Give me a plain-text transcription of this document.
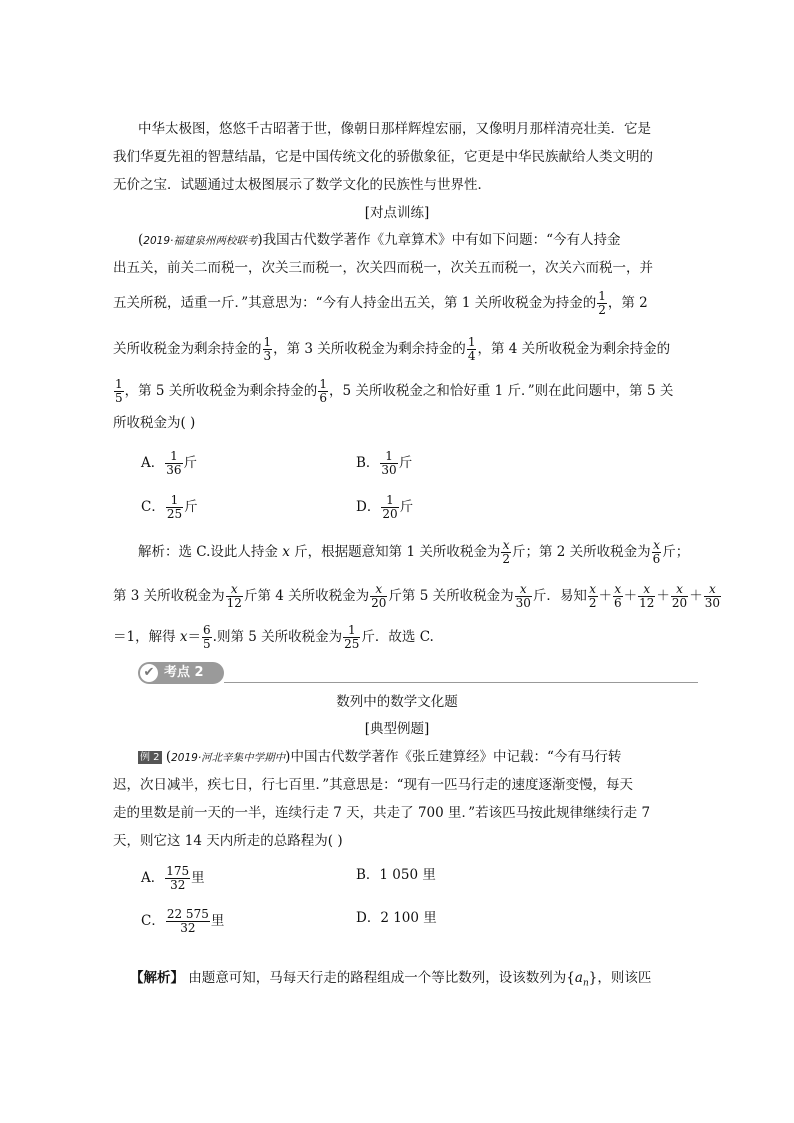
中华太极图，悠悠千古昭著于世，像朝日那样辉煌宏丽，又像明月那样清亮壮美．它是
我们华夏先祖的智慧结晶，它是中国传统文化的骄傲象征，它更是中华民族献给人类文明的
无价之宝．试题通过太极图展示了数学文化的民族性与世界性．
[对点训练]
(2019·福建泉州两校联考)我国古代数学著作《九章算术》中有如下问题：“今有人持金
出五关，前关二而税一，次关三而税一，次关四而税一，次关五而税一，次关六而税一，并
五关所税，适重一斤．”其意思为：“今有人持金出五关，第 1 关所收税金为持金的 $\frac{1}{2}$ ，第 2
关所收税金为剩余持金的 $\frac{1}{3}$ ，第 3 关所收税金为剩余持金的 $\frac{1}{4}$ ，第 4 关所收税金为剩余持金的
$\frac{1}{5}$ ，第 5 关所收税金为剩余持金的 $\frac{1}{6}$ ，5 关所收税金之和恰好重 1 斤．”则在此问题中，第 5 关
所收税金为( )
A． $\frac{1}{36}$ 斤	B． $\frac{1}{30}$ 斤
C． $\frac{1}{25}$ 斤	D． $\frac{1}{20}$ 斤
解析：选 C.设此人持金 x 斤，根据题意知第 1 关所收税金为 $\frac{x}{2}$ 斤；第 2 关所收税金为 $\frac{x}{6}$ 斤；
第 3 关所收税金为 $\frac{x}{12}$ 斤第 4 关所收税金为 $\frac{x}{20}$ 斤第 5 关所收税金为 $\frac{x}{30}$ 斤．易知 $\frac{x}{2} + \frac{x}{6} + \frac{x}{12} + \frac{x}{20} + \frac{x}{30}$
＝1，解得 $x= \frac{6}{5}$ .则第 5 关所收税金为 $\frac{1}{25}$ 斤．故选 C.
✔ 考点 2
数列中的数学文化题
[典型例题]
例 2 (2019·河北辛集中学期中)中国古代数学著作《张丘建算经》中记载：“今有马行转
迟，次日减半，疾七日，行七百里．”其意思是：“现有一匹马行走的速度逐渐变慢，每天
走的里数是前一天的一半，连续行走 7 天，共走了 700 里．”若该匹马按此规律继续行走 7
天，则它这 14 天内所走的总路程为( )
A． $\frac{175}{32}$ 里	B．1 050 里
C． $\frac{22 575}{32}$ 里	D．2 100 里
【解析】 由题意可知，马每天行走的路程组成一个等比数列，设该数列为$\{a_n\}$，则该匹
